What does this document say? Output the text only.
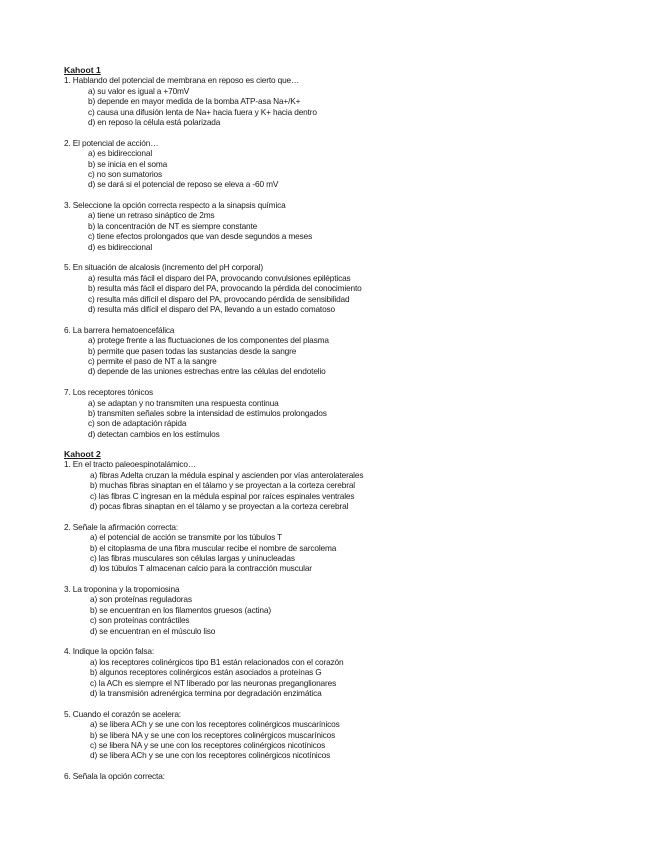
Kahoot 1
1. Hablando del potencial de membrana en reposo es cierto que…
a) su valor es igual a +70mV
b) depende en mayor medida de la bomba ATP-asa Na+/K+
c) causa una difusión lenta de Na+ hacia fuera y K+ hacia dentro
d) en reposo la célula está polarizada
2. El potencial de acción…
a) es bidireccional
b) se inicia en el soma
c) no son sumatorios
d) se dará si el potencial de reposo se eleva a -60 mV
3. Seleccione la opción correcta respecto a la sinapsis química
a) tiene un retraso sináptico de 2ms
b) la concentración de NT es siempre constante
c) tiene efectos prolongados que van desde segundos a meses
d) es bidireccional
5. En situación de alcalosis (incremento del pH corporal)
a) resulta más fácil el disparo del PA, provocando convulsiones epilépticas
b) resulta más fácil el disparo del PA, provocando la pérdida del conocimiento
c) resulta más difícil el disparo del PA, provocando pérdida de sensibilidad
d) resulta más difícil el disparo del PA, llevando a un estado comatoso
6. La barrera hematoencefálica
a) protege frente a las fluctuaciones de los componentes del plasma
b) permite que pasen todas las sustancias desde la sangre
c) permite el paso de NT a la sangre
d) depende de las uniones estrechas entre las células del endotelio
7. Los receptores tónicos
a) se adaptan y no transmiten una respuesta continua
b) transmiten señales sobre la intensidad de estímulos prolongados
c) son de adaptación rápida
d) detectan cambios en los estímulos
Kahoot 2
1. En el tracto paleoespinotalámico…
a) fibras Adelta cruzan la médula espinal y ascienden por vías anterolaterales
b) muchas fibras sinaptan en el tálamo y se proyectan a la corteza cerebral
c) las fibras C ingresan en la médula espinal por raíces espinales ventrales
d) pocas fibras sinaptan en el tálamo y se proyectan a la corteza cerebral
2. Señale la afirmación correcta:
a) el potencial de acción se transmite por los túbulos T
b) el citoplasma de una fibra muscular recibe el nombre de sarcolema
c) las fibras musculares son células largas y uninucleadas
d) los túbulos T almacenan calcio para la contracción muscular
3. La troponina y la tropomiosina
a) son proteínas reguladoras
b) se encuentran en los filamentos gruesos (actina)
c) son proteínas contráctiles
d) se encuentran en el músculo liso
4. Indique la opción falsa:
a) los receptores colinérgicos tipo B1 están relacionados con el corazón
b) algunos receptores colinérgicos están asociados a proteínas G
c) la ACh es siempre el NT liberado por las neuronas preganglionares
d) la transmisión adrenérgica termina por degradación enzimática
5. Cuando el corazón se acelera:
a) se libera ACh y se une con los receptores colinérgicos muscarínicos
b) se libera NA y se une con los receptores colinérgicos muscarínicos
c) se libera NA y se une con los receptores colinérgicos nicotínicos
d) se libera ACh y se une con los receptores colinérgicos nicotínicos
6. Señala la opción correcta:
